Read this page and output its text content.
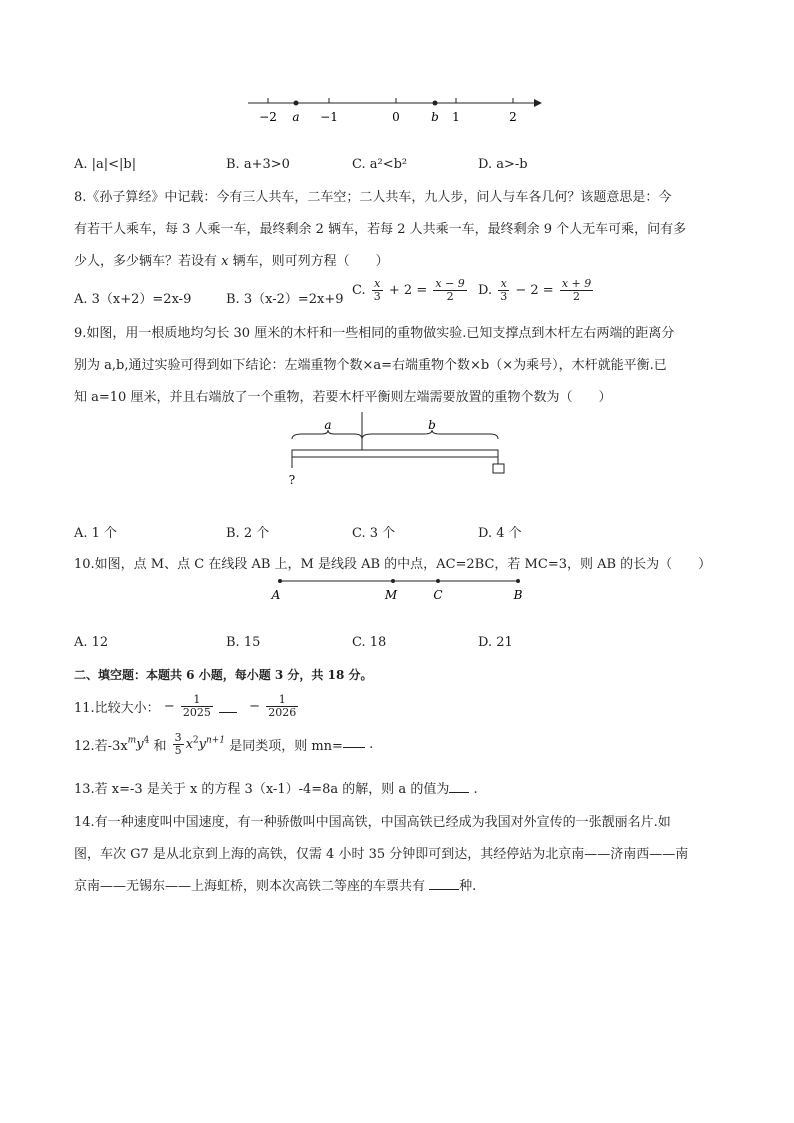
−2 a −1	0	b 1	2
A. |a|<|b|	B. a+3>0	C. a²<b²	D. a>-b
8.《孙子算经》中记载：今有三人共车，二车空；二人共车，九人步，问人与车各几何？该题意思是：今
有若干人乘车，每 3 人乘一车，最终剩余 2 辆车，若每 2 人共乘一车，最终剩余 9 个人无车可乘，问有多
少人，多少辆车？若设有 x 辆车，则可列方程（　　）
A. 3（x+2）=2x-9	B. 3（x-2）=2x+9
C. $\frac{x}{3} + 2 = \frac{x - 9}{2} D$. $\frac{x}{3} - 2 = \frac{x + 9}{2}$
9.如图，用一根质地均匀长 30 厘米的木杆和一些相同的重物做实验.已知支撑点到木杆左右两端的距离分
别为 a,b,通过实验可得到如下结论：左端重物个数×a=右端重物个数×b（×为乘号），木杆就能平衡.已
知 a=10 厘米，并且右端放了一个重物，若要木杆平衡则左端需要放置的重物个数为（　　）
a	b
?
A. 1 个	B. 2 个	C. 3 个	D. 4 个
10.如图，点 M、点 C 在线段 AB 上，M 是线段 AB 的中点，AC=2BC，若 MC=3，则 AB 的长为（　　）
A	M	C	B
A. 12	B. 15	C. 18	D. 21
二、填空题：本题共 6 小题，每小题 3 分，共 18 分。
11.比较大小： − $\frac{1}{2025}$	− $\frac{1}{2026}$
12.若$-3x^my^4$ 和 $\frac{3}{5} x^2y^{n+1}$ 是同类项，则 mn= .
13.若 x=-3 是关于 x 的方程 3（x-1）-4=8a 的解，则 a 的值为 .
14.有一种速度叫中国速度，有一种骄傲叫中国高铁，中国高铁已经成为我国对外宣传的一张靓丽名片.如
图，车次 G7 是从北京到上海的高铁，仅需 4 小时 35 分钟即可到达，其经停站为北京南——济南西——南
京南——无锡东——上海虹桥，则本次高铁二等座的车票共有 种.
